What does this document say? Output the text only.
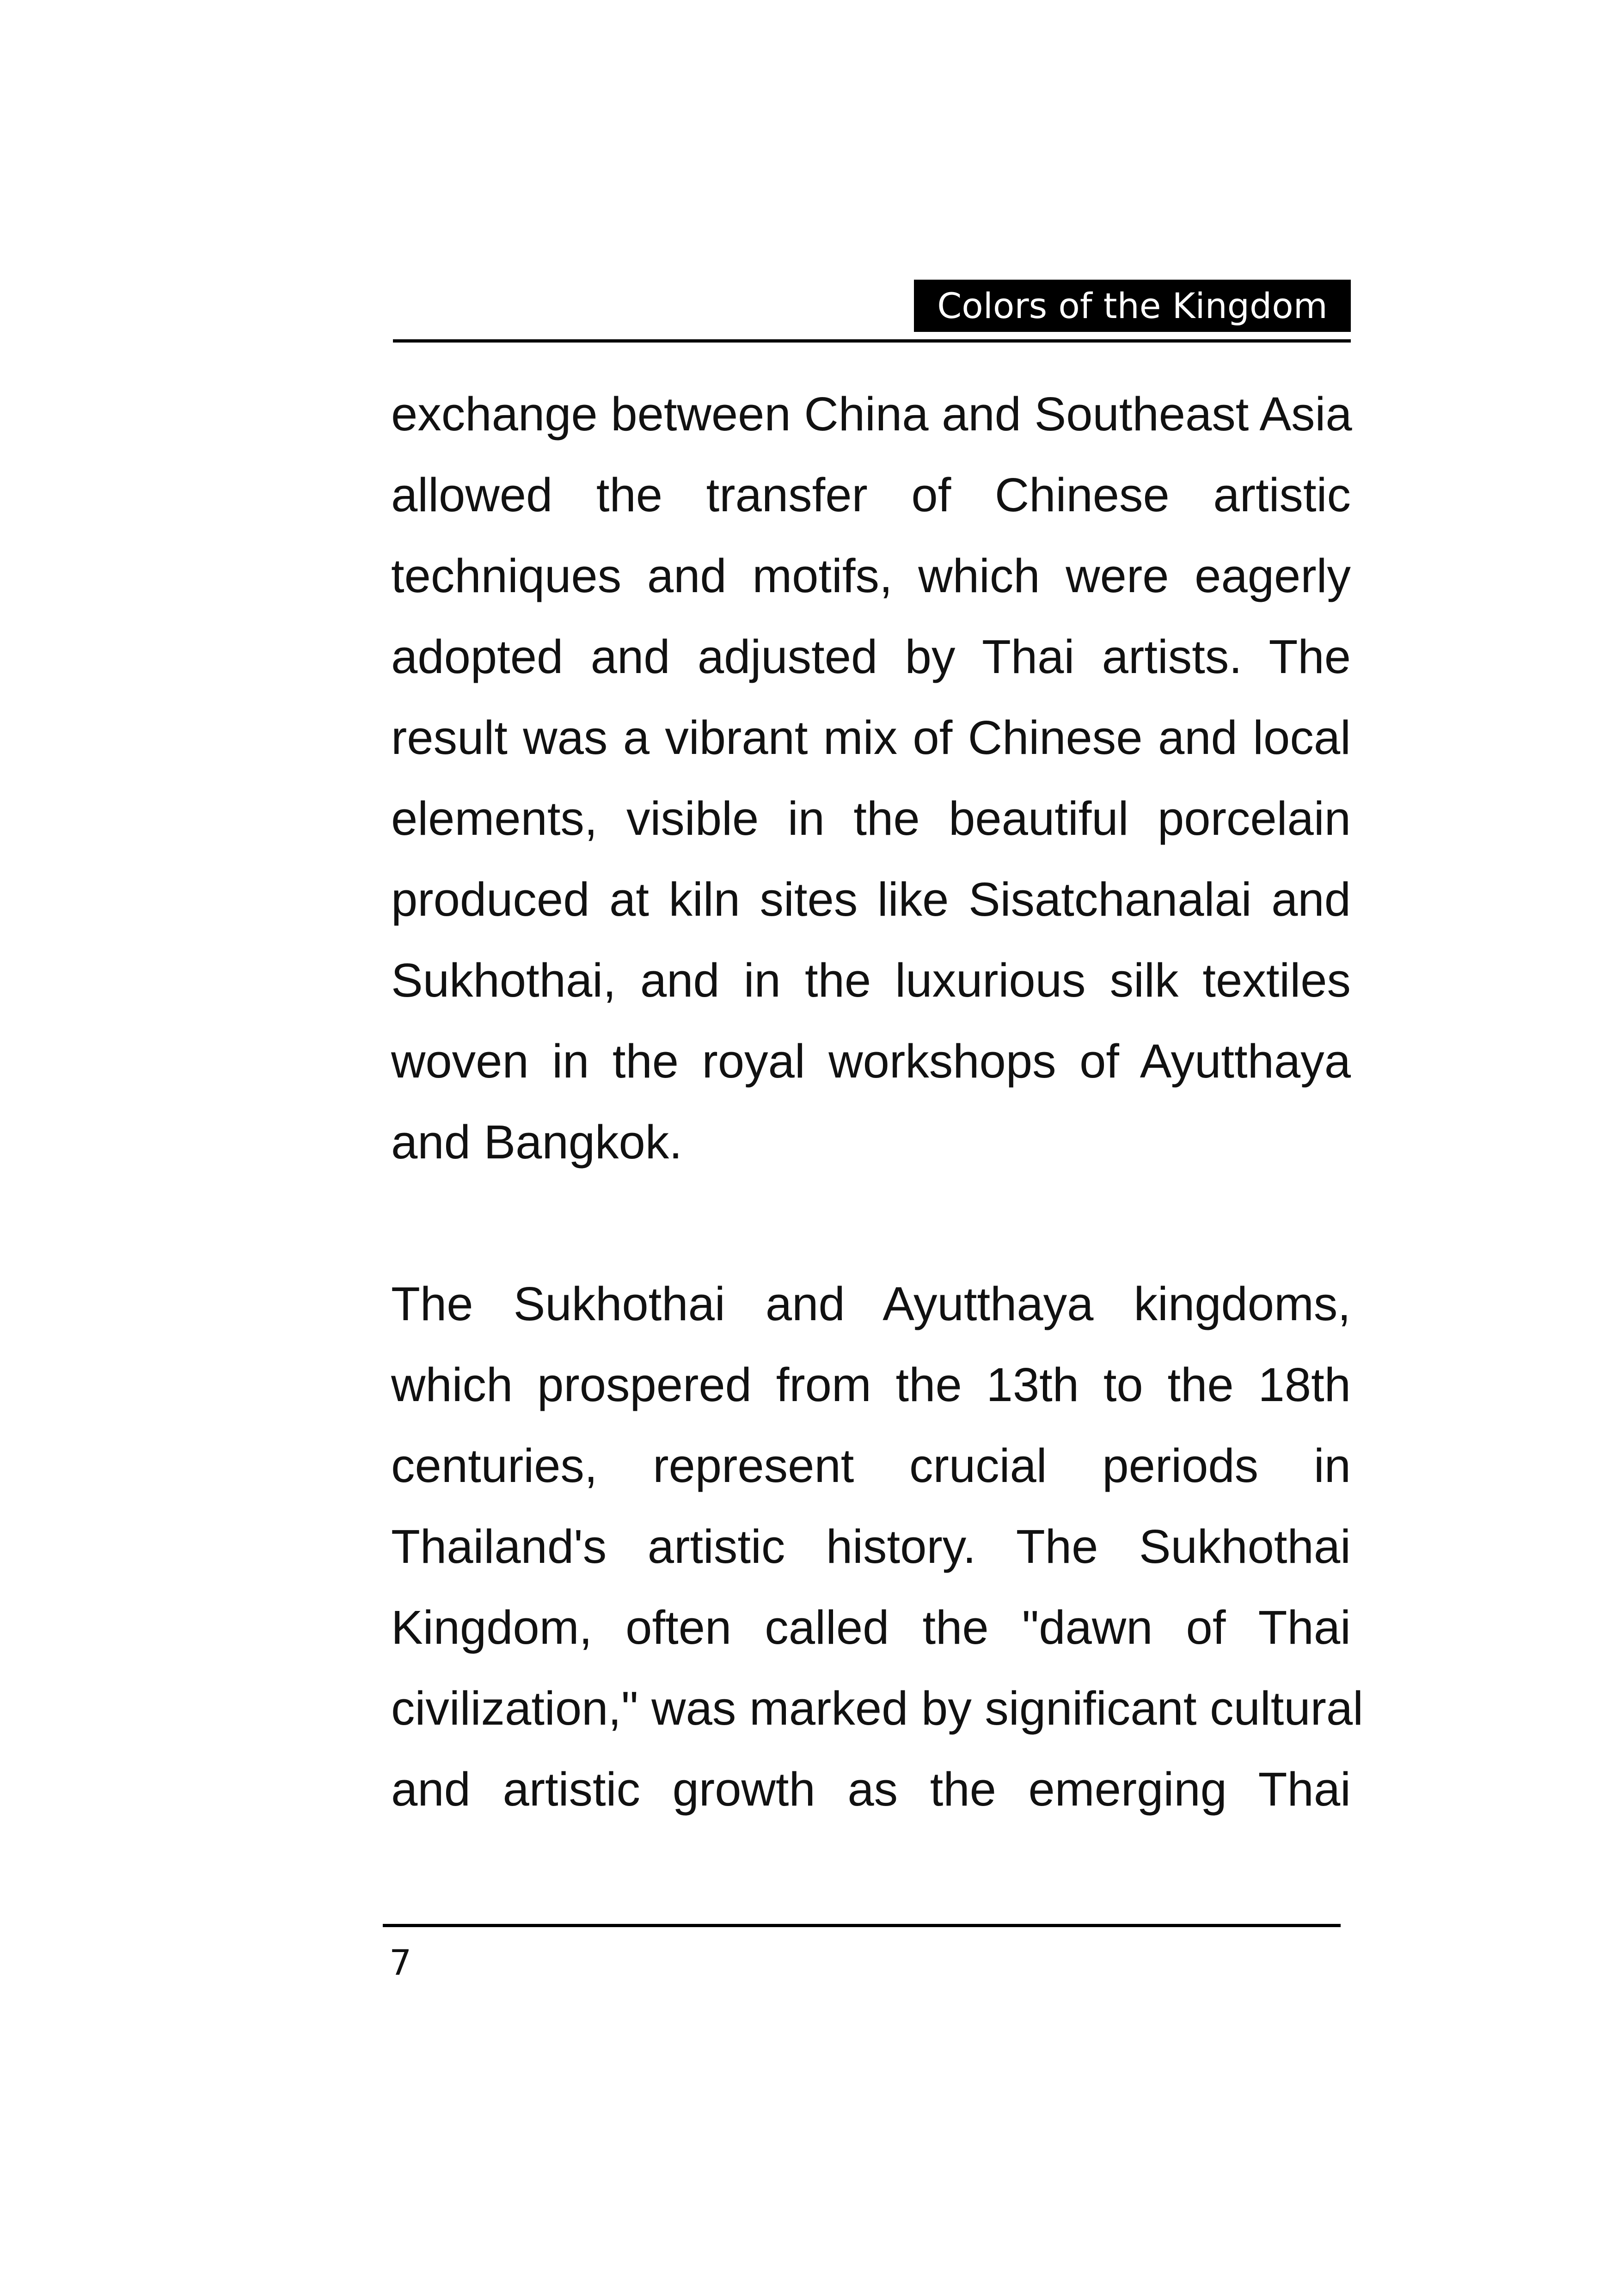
Colors of the Kingdom
exchange between China and Southeast Asia
allowed the transfer of Chinese artistic
techniques and motifs, which were eagerly
adopted and adjusted by Thai artists. The
result was a vibrant mix of Chinese and local
elements, visible in the beautiful porcelain
produced at kiln sites like Sisatchanalai and
Sukhothai, and in the luxurious silk textiles
woven in the royal workshops of Ayutthaya
and Bangkok.
The Sukhothai and Ayutthaya kingdoms,
which prospered from the 13th to the 18th
centuries, represent crucial periods in
Thailand's artistic history. The Sukhothai
Kingdom, often called the "dawn of Thai
civilization," was marked by significant cultural
and artistic growth as the emerging Thai
7
